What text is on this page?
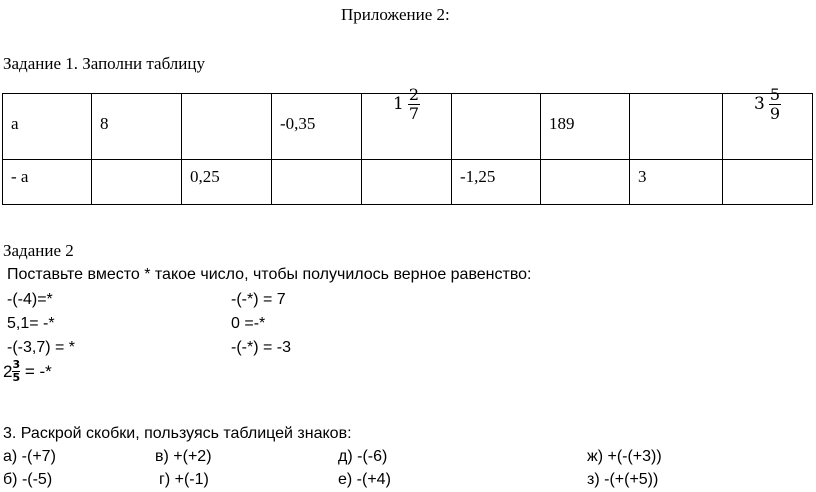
Приложение 2:
Задание 1. Заполни таблицу
а	8		-0,35	$1 \frac{2}{7}$		189		$3 \frac{5}{9}$

- а		0,25			-1,25		3	
Задание 2
Поставьте вместо * такое число, чтобы получилось верное равенство:
-(-4)=*
5,1= -*
-(-3,7) = *
-(-*) = 7
0 =-*
-(-*) = -3
$2 \frac{3}{5}$ = -*
3. Раскрой скобки, пользуясь таблицей знаков:
а) -(+7)	в) +(+2)	д) -(-6)	ж) +(-(+3))
б) -(-5)	г) +(-1)	е) -(+4)	з) -(+(+5))
